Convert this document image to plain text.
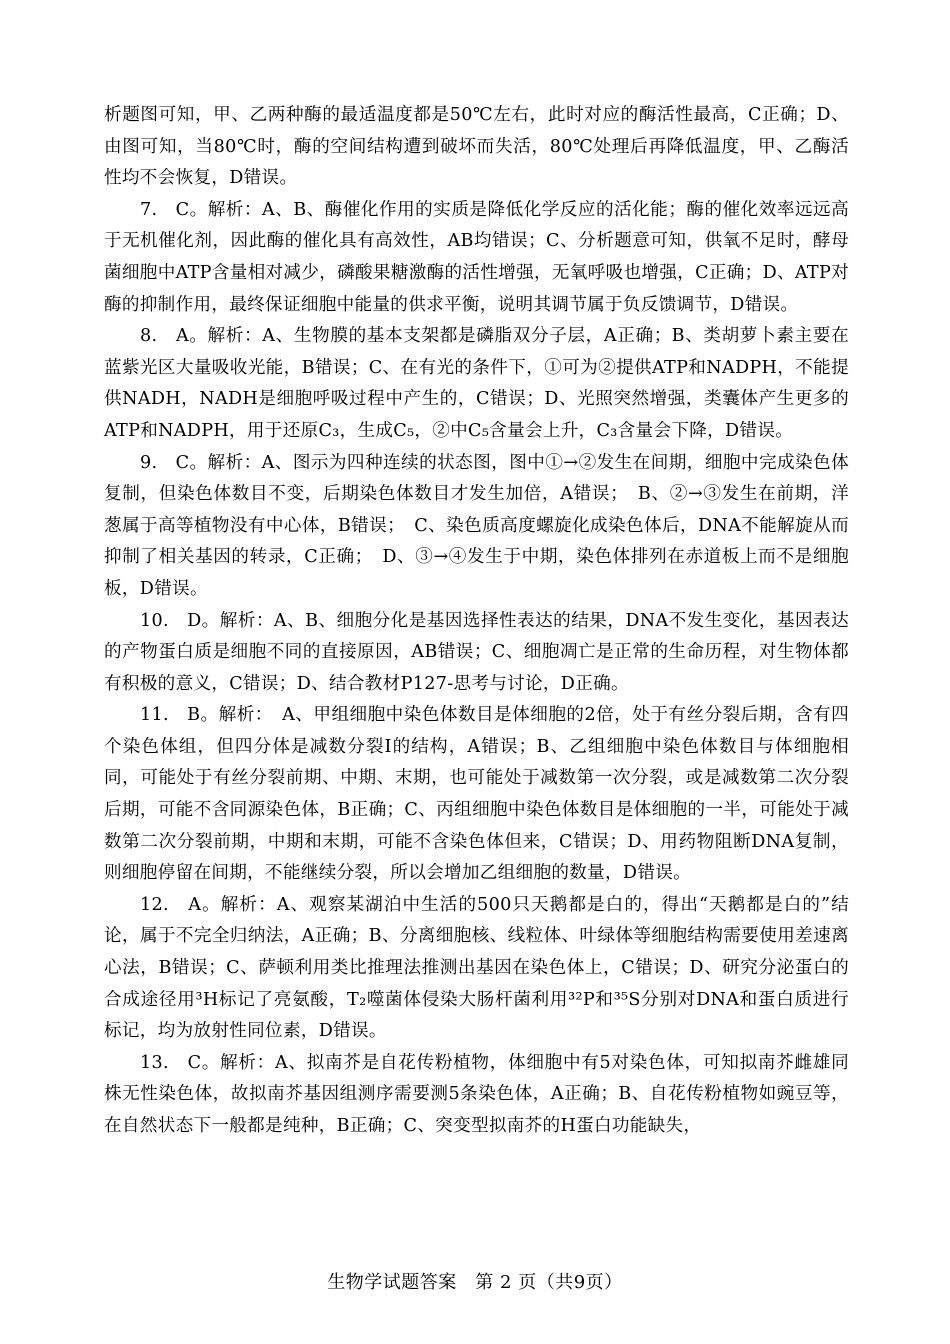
析题图可知，甲、乙两种酶的最适温度都是50℃左右，此时对应的酶活性最高，C正确；D、由图可知，当80℃时，酶的空间结构遭到破坏而失活，80℃处理后再降低温度，甲、乙酶活性均不会恢复，D错误。

7.　C。解析：A、B、酶催化作用的实质是降低化学反应的活化能；酶的催化效率远远高于无机催化剂，因此酶的催化具有高效性，AB均错误；C、分析题意可知，供氧不足时，酵母菌细胞中ATP含量相对减少，磷酸果糖激酶的活性增强，无氧呼吸也增强，C正确；D、ATP对酶的抑制作用，最终保证细胞中能量的供求平衡，说明其调节属于负反馈调节，D错误。

8.　A。解析：A、生物膜的基本支架都是磷脂双分子层，A正确；B、类胡萝卜素主要在蓝紫光区大量吸收光能，B错误；C、在有光的条件下，①可为②提供ATP和NADPH，不能提供NADH，NADH是细胞呼吸过程中产生的，C错误；D、光照突然增强，类囊体产生更多的ATP和NADPH，用于还原C₃，生成C₅，②中C₅含量会上升，C₃含量会下降，D错误。

9.　C。解析：A、图示为四种连续的状态图，图中①→②发生在间期，细胞中完成染色体复制，但染色体数目不变，后期染色体数目才发生加倍，A错误；　B、②→③发生在前期，洋葱属于高等植物没有中心体，B错误；　C、染色质高度螺旋化成染色体后，DNA不能解旋从而抑制了相关基因的转录，C正确；　D、③→④发生于中期，染色体排列在赤道板上而不是细胞板，D错误。

10.　D。解析：A、B、细胞分化是基因选择性表达的结果，DNA不发生变化，基因表达的产物蛋白质是细胞不同的直接原因，AB错误；C、细胞凋亡是正常的生命历程，对生物体都有积极的意义，C错误；D、结合教材P127-思考与讨论，D正确。

11.　B。解析：　A、甲组细胞中染色体数目是体细胞的2倍，处于有丝分裂后期，含有四个染色体组，但四分体是减数分裂Ⅰ的结构，A错误；B、乙组细胞中染色体数目与体细胞相同，可能处于有丝分裂前期、中期、末期，也可能处于减数第一次分裂，或是减数第二次分裂后期，可能不含同源染色体，B正确；C、丙组细胞中染色体数目是体细胞的一半，可能处于减数第二次分裂前期，中期和末期，可能不含染色体但来，C错误；D、用药物阻断DNA复制，则细胞停留在间期，不能继续分裂，所以会增加乙组细胞的数量，D错误。

12.　A。解析：A、观察某湖泊中生活的500只天鹅都是白的，得出“天鹅都是白的”结论，属于不完全归纳法，A正确；B、分离细胞核、线粒体、叶绿体等细胞结构需要使用差速离心法，B错误；C、萨顿利用类比推理法推测出基因在染色体上，C错误；D、研究分泌蛋白的合成途径用³H标记了亮氨酸，T₂噬菌体侵染大肠杆菌利用³²P和³⁵S分别对DNA和蛋白质进行标记，均为放射性同位素，D错误。

13.　C。解析：A、拟南芥是自花传粉植物，体细胞中有5对染色体，可知拟南芥雌雄同株无性染色体，故拟南芥基因组测序需要测5条染色体，A正确；B、自花传粉植物如豌豆等，在自然状态下一般都是纯种，B正确；C、突变型拟南芥的H蛋白功能缺失，

生物学试题答案　第 2 页（共9页）
